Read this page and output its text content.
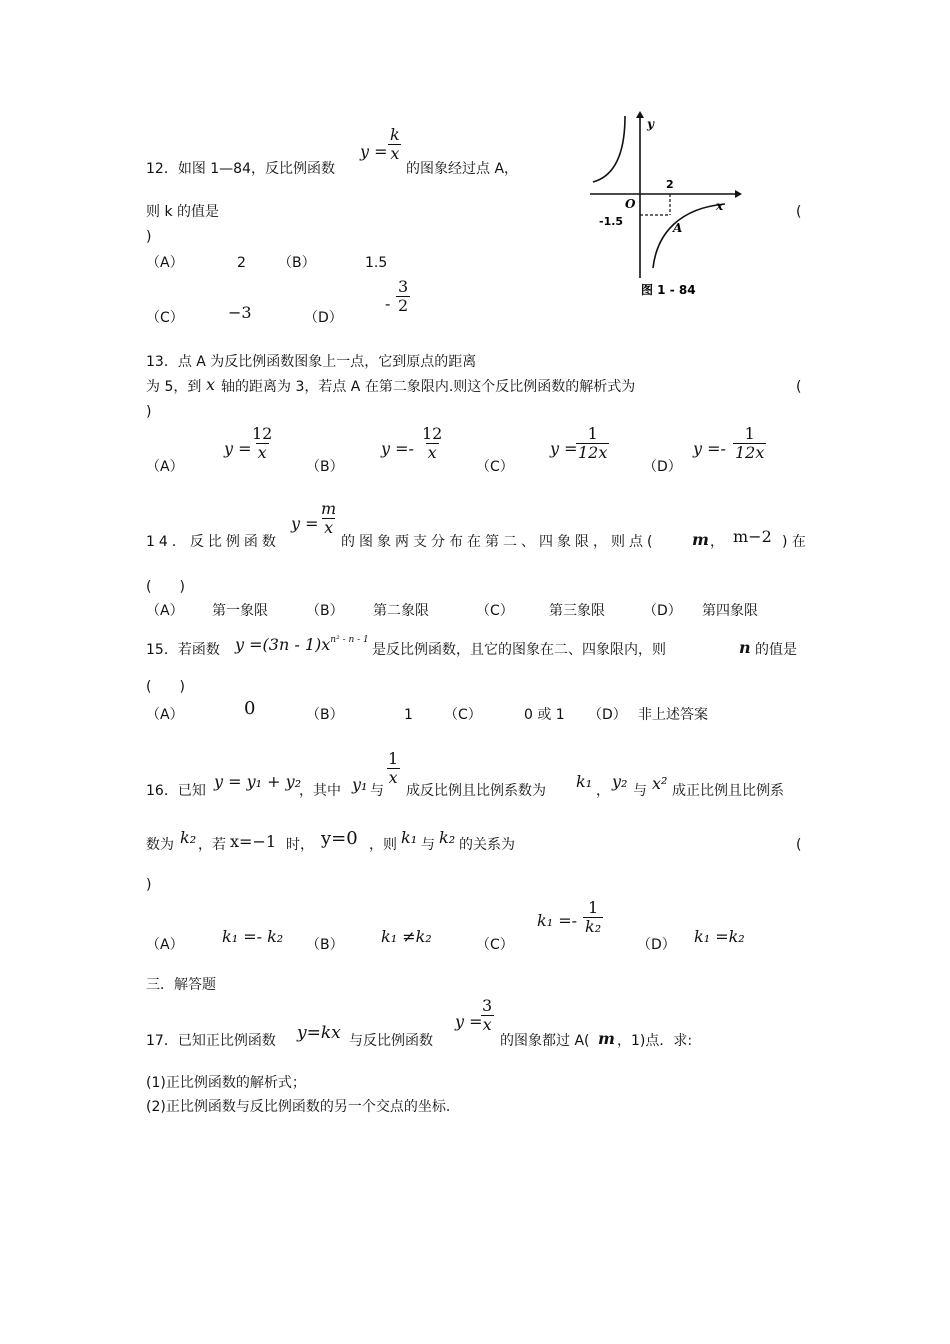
12．如图 1—84，反比例函数
$y = \frac{k}{x}$
的图象经过点 A，
则 k 的值是	(
)
（A）	2 （B）	1.5
（C）	−3	（D）
- $\frac{3}{2}$
y
x
O
2
-1.5	A
图 1 - 84
13．点 A 为反比例函数图象上一点，它到原点的距离
为 5，到 x 轴的距离为 3，若点 A 在第二象限内.则这个反比例函数的解析式为	(
)
（A）
y =
$\frac{12}{x}$
（B）
$y =- \frac{12}{x}$
（C）
y =
$\frac{1}{12x}$
（D）
$y =- \frac{1}{12x}$
14．反比例函数
$y = \frac{m}{x}$
的图象两支分布在第二、四象限，则点( m ， m−2 ) 在
(　　)
（A） 第一象限	（B） 第二象限	（C）	第三象限	（D） 第四象限
15．若函数 $y =(3n - 1)x^{n^2 - n - 1}$
是反比例函数，且它的图象在二、四象限内，则	n 的值是
(　　)
（A）	0	（B）	1 （C）	0 或 1 （D） 非上述答案
16．已知 y = y₁ + y₂
，其中 y₁ 与
$\frac{1}{x}$
成反比例且比例系数为 k₁ ， y₂ 与 x² 成正比例且比例系
数为 k₂ ，若 x=−1 时， y=0 ，则 k₁ 与 k₂ 的关系为	(
)
（A） k₁ =- k₂ （B） k₁ ≠k₂	（C）
$k_1 =- \frac{1}{\text{k₂}}$
（D） k₁ =k₂
三．解答题
17．已知正比例函数 y=kx 与反比例函数
y =
$\frac{3}{x}$
的图象都过 A( m ，1)点．求:
(1)正比例函数的解析式；
(2)正比例函数与反比例函数的另一个交点的坐标.
